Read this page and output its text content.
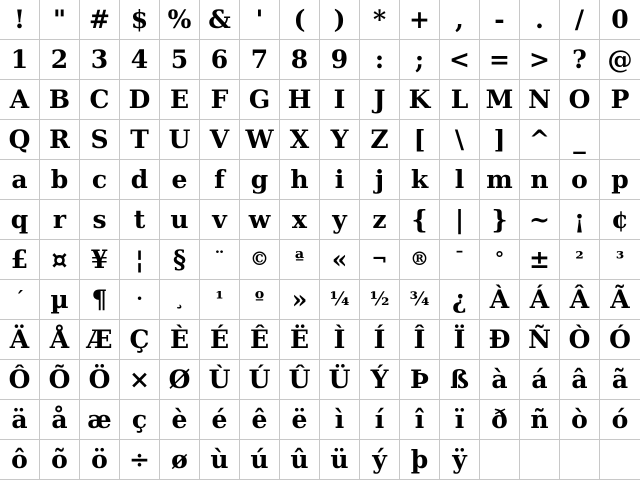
! " # $ % & ' ( ) * + , - . / 0
1 2 3 4 5 6 7 8 9 : ; < = > ? @
A B C D E F G H I J K L M N O P
Q R S T U V W X Y Z [ \ ] ^ _
a b c d e f g h i j k l m n o p
q r s t u v w x y z { | } ~ ¡ ¢
£ ¤ ¥ ¦ § ¨ © ª « ¬ ® ¯ ° ± ² ³
´ µ ¶ · ¸ ¹ º » ¼ ½ ¾ ¿ À Á Â Ã
Ä Å Æ Ç È É Ê Ë Ì Í Î Ï Ð Ñ Ò Ó
Ô Õ Ö × Ø Ù Ú Û Ü Ý Þ ß à á â ã
ä å æ ç è é ê ë ì í î ï ð ñ ò ó
ô õ ö ÷ ø ù ú û ü ý þ ÿ
